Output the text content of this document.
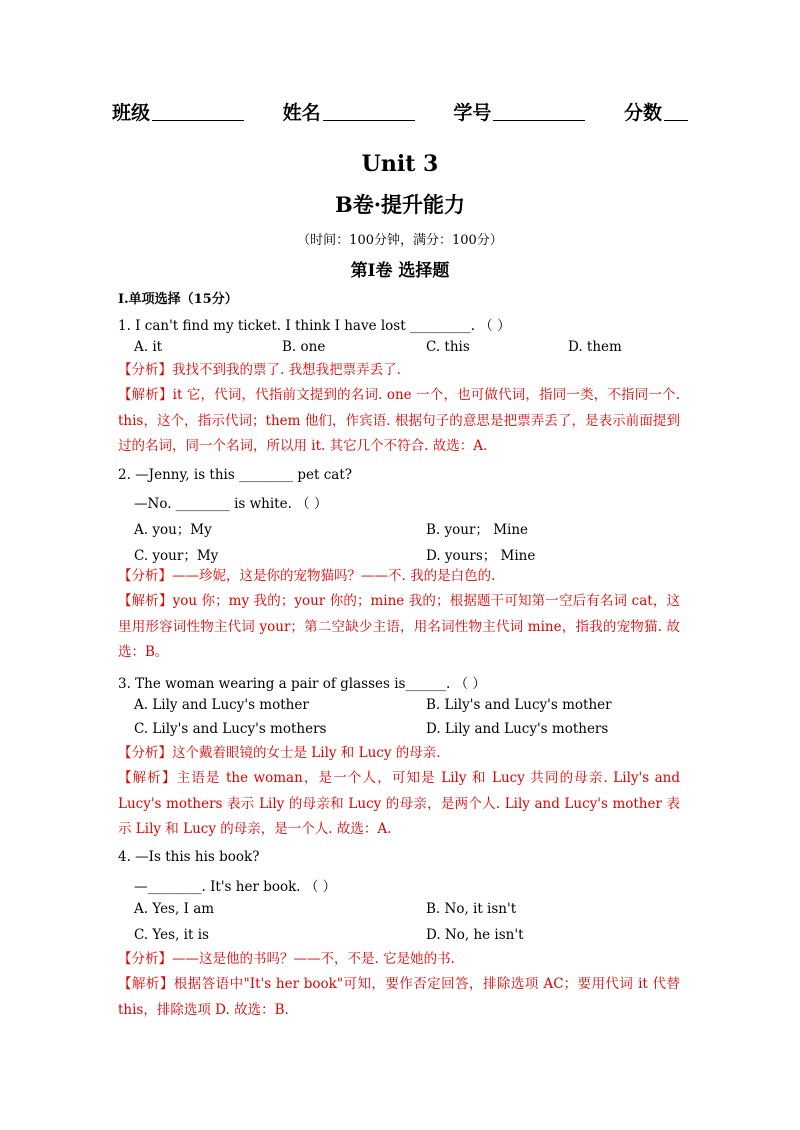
班级	姓名	学号	分数
Unit 3
B卷·提升能力
（时间：100分钟，满分：100分）
第Ⅰ卷 选择题
I.单项选择（15分）
1. I can't find my ticket. I think I have lost _________. （ ）
A. it	B. one	C. this	D. them
【分析】我找不到我的票了. 我想我把票弄丢了.
【解析】it 它，代词，代指前文提到的名词. one 一个，也可做代词，指同一类，不指同一个. this，这个，指示代词；them 他们，作宾语. 根据句子的意思是把票弄丢了，是表示前面提到过的名词，同一个名词，所以用 it. 其它几个不符合. 故选：A.
2. —Jenny, is this ________ pet cat?
—No. ________ is white. （ ）
A. you；My	B. your； Mine
C. your；My	D. yours； Mine
【分析】——珍妮，这是你的宠物猫吗？——不. 我的是白色的.
【解析】you 你；my 我的；your 你的；mine 我的；根据题干可知第一空后有名词 cat，这里用形容词性物主代词 your；第二空缺少主语，用名词性物主代词 mine，指我的宠物猫. 故选：B。
3. The woman wearing a pair of glasses is______. （ ）
A. Lily and Lucy's mother	B. Lily's and Lucy's mother
C. Lily's and Lucy's mothers	D. Lily and Lucy's mothers
【分析】这个戴着眼镜的女士是 Lily 和 Lucy 的母亲.
【解析】主语是 the woman，是一个人，可知是 Lily 和 Lucy 共同的母亲. Lily's and Lucy's mothers 表示 Lily 的母亲和 Lucy 的母亲，是两个人. Lily and Lucy's mother 表示 Lily 和 Lucy 的母亲，是一个人. 故选：A.
4. —Is this his book?
—________. It's her book. （ ）
A. Yes, I am	B. No, it isn't
C. Yes, it is	D. No, he isn't
【分析】——这是他的书吗？——不，不是. 它是她的书.
【解析】根据答语中"It's her book"可知，要作否定回答，排除选项 AC；要用代词 it 代替 this，排除选项 D. 故选：B.
